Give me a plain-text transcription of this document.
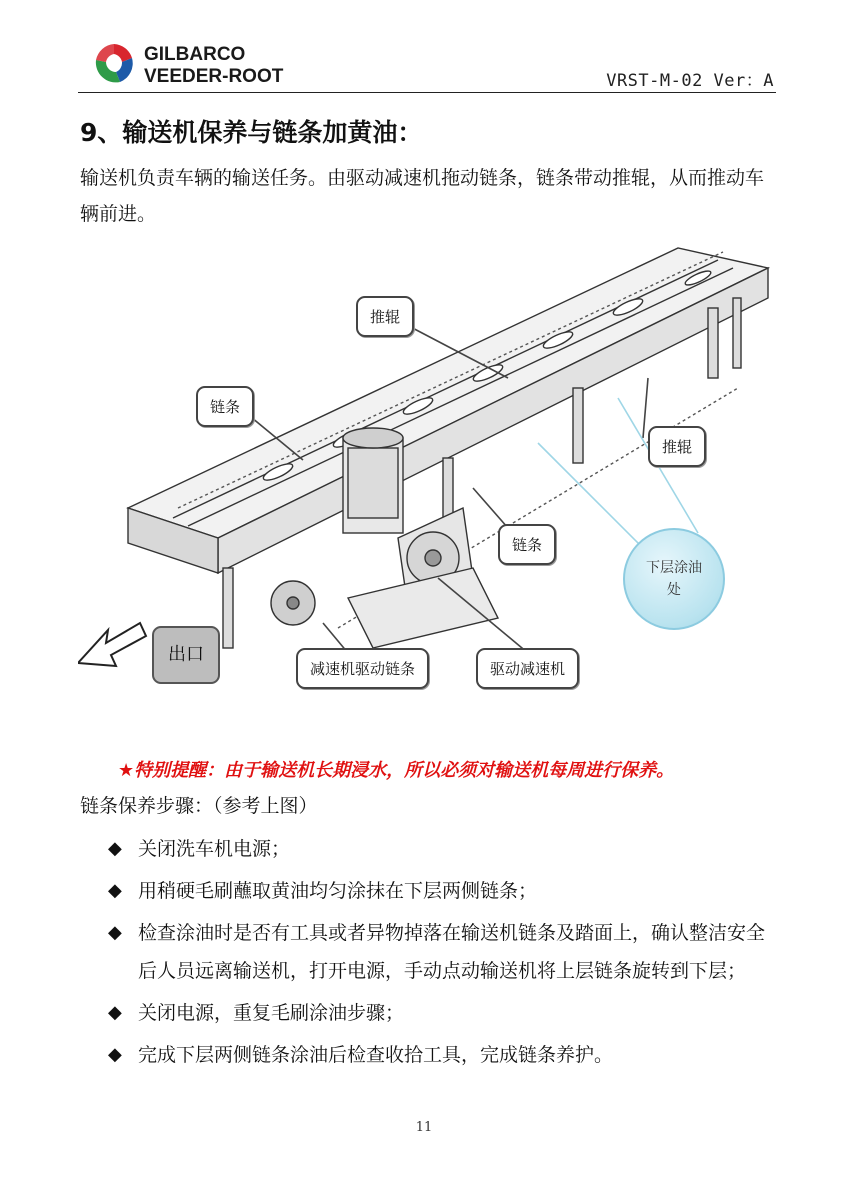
GILBARCO
VEEDER-ROOT	VRST-M-02 Ver：A
9、输送机保养与链条加黄油：
输送机负责车辆的输送任务。由驱动减速机拖动链条，链条带动推辊，从而推动车辆前进。
推辊
链条
推辊
链条
下层涂油处
出口
减速机驱动链条	驱动减速机
★特别提醒：由于输送机长期浸水，所以必须对输送机每周进行保养。
链条保养步骤：（参考上图）
◆ 关闭洗车机电源；
◆ 用稍硬毛刷蘸取黄油均匀涂抹在下层两侧链条；
◆ 检查涂油时是否有工具或者异物掉落在输送机链条及踏面上，确认整洁安全后人员远离输送机，打开电源，手动点动输送机将上层链条旋转到下层；
◆ 关闭电源，重复毛刷涂油步骤；
◆ 完成下层两侧链条涂油后检查收拾工具，完成链条养护。
11
